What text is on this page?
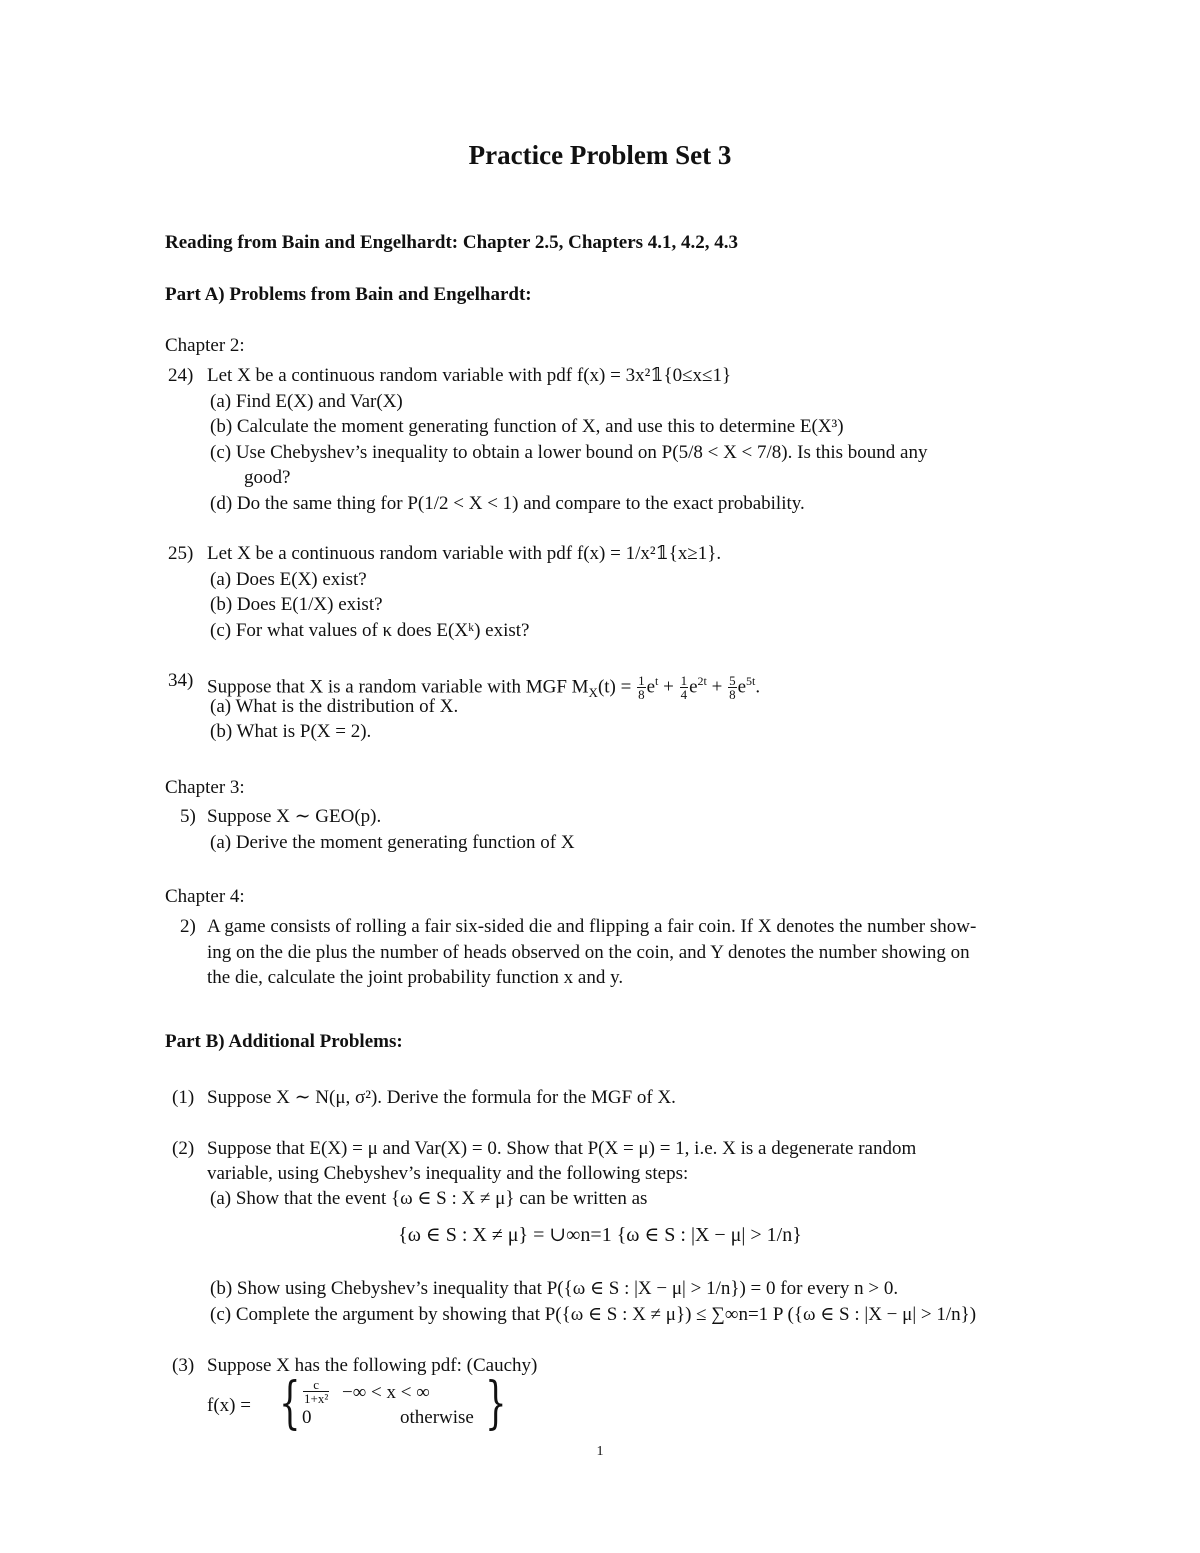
Practice Problem Set 3
Reading from Bain and Engelhardt: Chapter 2.5, Chapters 4.1, 4.2, 4.3
Part A) Problems from Bain and Engelhardt:
Chapter 2:
24) Let X be a continuous random variable with pdf f(x) = 3x²𝟙{0≤x≤1}
(a) Find E(X) and Var(X)
(b) Calculate the moment generating function of X, and use this to determine E(X³)
(c) Use Chebyshev’s inequality to obtain a lower bound on P(5/8 < X < 7/8). Is this bound any
good?
(d) Do the same thing for P(1/2 < X < 1) and compare to the exact probability.
25) Let X be a continuous random variable with pdf f(x) = 1/x²𝟙{x≥1}.
(a) Does E(X) exist?
(b) Does E(1/X) exist?
(c) For what values of κ does E(Xᵏ) exist?
34) Suppose that X is a random variable with MGF $M_X(t) = \frac{1}{8} e^t + \frac{1}{4} e^{2t} + \frac{5}{8} e^{5t}$.
(a) What is the distribution of X.
(b) What is P(X = 2).
Chapter 3:
5) Suppose X ∼ GEO(p).
(a) Derive the moment generating function of X
Chapter 4:
2) A game consists of rolling a fair six-sided die and flipping a fair coin. If X denotes the number show-
ing on the die plus the number of heads observed on the coin, and Y denotes the number showing on
the die, calculate the joint probability function x and y.
Part B) Additional Problems:
(1) Suppose X ∼ N(μ, σ²). Derive the formula for the MGF of X.
(2) Suppose that E(X) = μ and Var(X) = 0. Show that P(X = μ) = 1, i.e. X is a degenerate random
variable, using Chebyshev’s inequality and the following steps:
(a) Show that the event {ω ∈ S : X ≠ μ} can be written as
{ω ∈ S : X ≠ μ} = ∪∞n=1 {ω ∈ S : |X − μ| > 1/n}
(b) Show using Chebyshev’s inequality that P({ω ∈ S : |X − μ| > 1/n}) = 0 for every n > 0.
(c) Complete the argument by showing that P({ω ∈ S : X ≠ μ}) ≤ ∑∞n=1 P ({ω ∈ S : |X − μ| > 1/n})
(3) Suppose X has the following pdf: (Cauchy)
f(x) = { $\frac{c}{\text{1+x²}}$ −∞ < x < ∞
0	otherwise }
1
